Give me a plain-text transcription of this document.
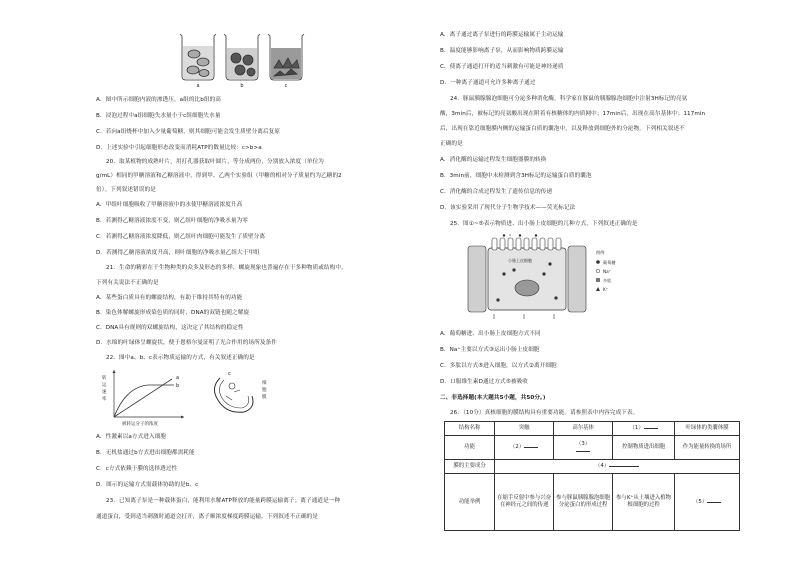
a	b	c
A．图中所示细胞内液的渗透压，a组的比b组的高
B．浸泡过程中a组细胞失水量小于c组细胞失水量
C．若向a组烧杯中加入少量葡萄糖，则其细胞可能会发生质壁分离后复原
D．上述实验中引起细胞形态改变而消耗ATP的数量比较：c>b>a
20．取某植物的成熟叶片，用打孔器获取叶圆片，等分成两份，分别放入浓度（单位为
g/mL）相同的甲糖溶液和乙糖溶液中，得到甲、乙两个实验组（甲糖的相对分子质量约为乙糖的2
倍）。下列叙述错误的是
A．甲组叶细胞吸收了甲糖溶液中的水使甲糖溶液浓度升高
B．若测得乙糖溶液浓度不变，则乙组叶细胞的净吸水量为零
C．若测得乙糖溶液浓度降低，则乙组叶肉细胞可能发生了质壁分离
D．若测得乙糖溶液浓度升高，则叶细胞的净吸水量乙组大于甲组
21．生命的精彩在于生物种类的众多及形态的多样，螺旋现象也普遍存在于多种物质或结构中，
下列有关说法不正确的是
A．某些蛋白质具有的螺旋结构，有助于维持其特有的功能
B．染色体解螺旋形成染色质的同时，DNA的双链也随之解旋
C．DNA具有规则的双螺旋结构，这决定了其结构的稳定性
D．水绵的叶绿体呈螺旋状，便于恩格尔曼证明了光合作用的场所及条件
22．图中a、b、c表示物质运输的方式，有关叙述正确的是
a
b
转
运
速
率
被转运分子的浓度
c
细
胞
膜
A．性激素以a方式进入细胞
B．无机盐通过b方式进出细胞都需耗能
C．c方式依赖于膜的选择透过性
D．图示的运输方式需载体协助的是b、c
23．已知离子泵是一种载体蛋白，能利用水解ATP释放的能量跨膜运输离子；离子通道是一种
通道蛋白，受到适当刺激时通道会打开，离子顺浓度梯度跨膜运输。下列叙述不正确的是
A．离子通过离子泵进行的跨膜运输属于主动运输
B．温度能够影响离子泵，从而影响物质跨膜运输
C．使离子通道打开的适当刺激有可能是神经递质
D．一种离子通道可允许多种离子通过
24．豚鼠胰腺腺泡细胞可分泌多种消化酶，科学家在豚鼠的胰腺腺泡细胞中注射3H标记的亮氨
酸，3min后，被标记的亮氨酸出现在附着有核糖体的内质网中；17min后，出现在高尔基体中；117min
后，出现在靠近细胞膜内侧的运输蛋白质的囊泡中，以及释放到细胞外的分泌物。下列相关叙述不
正确的是
A．消化酶的运输过程发生细胞器膜的转换
B．3min前，细胞中未检测到含3H标记的运输蛋白质的囊泡
C．消化酶的合成过程发生了遗传信息的传递
D．该实验采用了现代分子生物学技术——荧光标记法
25．图①~⑤表示物质进、出小肠上皮细胞的几种方式，下列叙述正确的是
小肠上皮细胞
图例
葡萄糖
Na⁺
多肽
K⁺
A．葡萄糖进、出小肠上皮细胞方式不同
B．Na⁺主要以方式③运出小肠上皮细胞
C．多肽以方式⑤进入细胞，以方式②离开细胞
D．口服维生素D通过方式⑤被吸收
二、非选择题(本大题共5小题，共50分。)
26．（10分）真核细胞的膜结构具有重要功能。请参照表中内容完成下表。
结构名称	突触	高尔基体	（1）	叶绿体的类囊体膜
功能	（2）	（3）	控制物质进出细胞	作为能量转换的场所
膜的主要成分	（4）			
功能举例	在缩手反射中参与兴奋在神经元之间的传递	参与豚鼠胰腺腺泡细胞分泌蛋白的形成过程	参与K⁺从土壤进入植物根细胞的过程	（5）
